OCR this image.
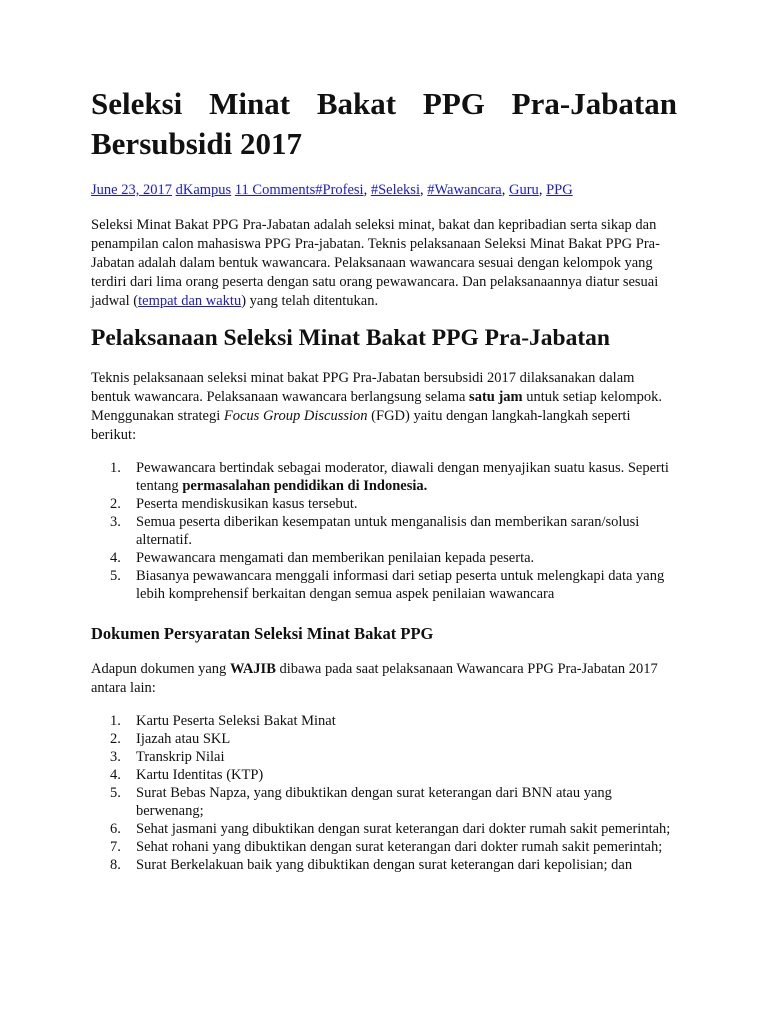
Seleksi Minat Bakat PPG Pra-Jabatan Bersubsidi 2017
June 23, 2017 dKampus 11 Comments#Profesi, #Seleksi, #Wawancara, Guru, PPG

Seleksi Minat Bakat PPG Pra-Jabatan adalah seleksi minat, bakat dan kepribadian serta sikap dan penampilan calon mahasiswa PPG Pra-jabatan. Teknis pelaksanaan Seleksi Minat Bakat PPG Pra-Jabatan adalah dalam bentuk wawancara. Pelaksanaan wawancara sesuai dengan kelompok yang terdiri dari lima orang peserta dengan satu orang pewawancara. Dan pelaksanaannya diatur sesuai jadwal (tempat dan waktu) yang telah ditentukan.

Pelaksanaan Seleksi Minat Bakat PPG Pra-Jabatan

Teknis pelaksanaan seleksi minat bakat PPG Pra-Jabatan bersubsidi 2017 dilaksanakan dalam bentuk wawancara. Pelaksanaan wawancara berlangsung selama satu jam untuk setiap kelompok. Menggunakan strategi Focus Group Discussion (FGD) yaitu dengan langkah-langkah seperti berikut:

1. Pewawancara bertindak sebagai moderator, diawali dengan menyajikan suatu kasus. Seperti tentang permasalahan pendidikan di Indonesia.
2. Peserta mendiskusikan kasus tersebut.
3. Semua peserta diberikan kesempatan untuk menganalisis dan memberikan saran/solusi alternatif.
4. Pewawancara mengamati dan memberikan penilaian kepada peserta.
5. Biasanya pewawancara menggali informasi dari setiap peserta untuk melengkapi data yang lebih komprehensif berkaitan dengan semua aspek penilaian wawancara
Dokumen Persyaratan Seleksi Minat Bakat PPG

Adapun dokumen yang WAJIB dibawa pada saat pelaksanaan Wawancara PPG Pra-Jabatan 2017 antara lain:

1. Kartu Peserta Seleksi Bakat Minat
2. Ijazah atau SKL
3. Transkrip Nilai
4. Kartu Identitas (KTP)
5. Surat Bebas Napza, yang dibuktikan dengan surat keterangan dari BNN atau yang berwenang;
6. Sehat jasmani yang dibuktikan dengan surat keterangan dari dokter rumah sakit pemerintah;
7. Sehat rohani yang dibuktikan dengan surat keterangan dari dokter rumah sakit pemerintah;
8. Surat Berkelakuan baik yang dibuktikan dengan surat keterangan dari kepolisian; dan
